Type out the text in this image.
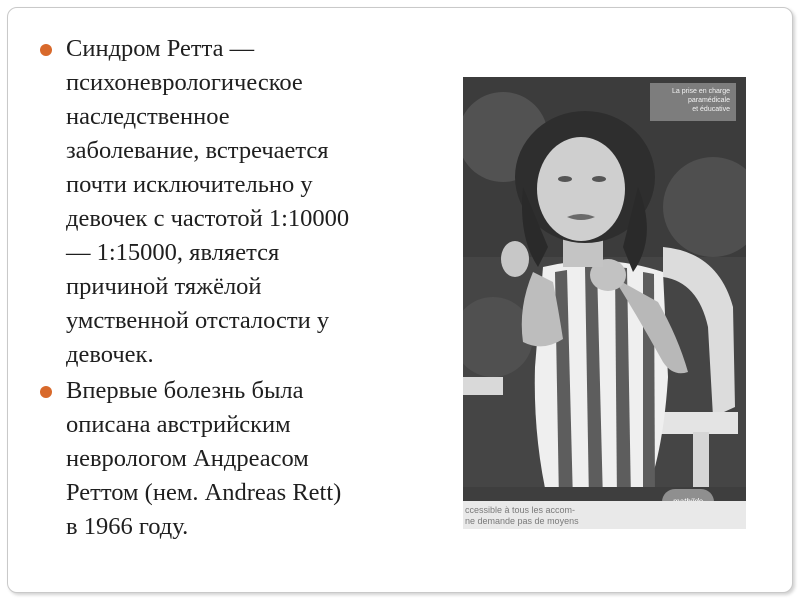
Синдром Ретта —
психоневрологическое
наследственное
заболевание, встречается
почти исключительно у
девочек с частотой 1:10000
— 1:15000, является
причиной тяжёлой
умственной отсталости у
девочек.
Впервые болезнь была
описана австрийским
неврологом Андреасом
Реттом (нем. Andreas Rett)
в 1966 году.
La prise en charge
paramédicale
et éducative
ccessible à tous les accom-
ne demande pas de moyens
